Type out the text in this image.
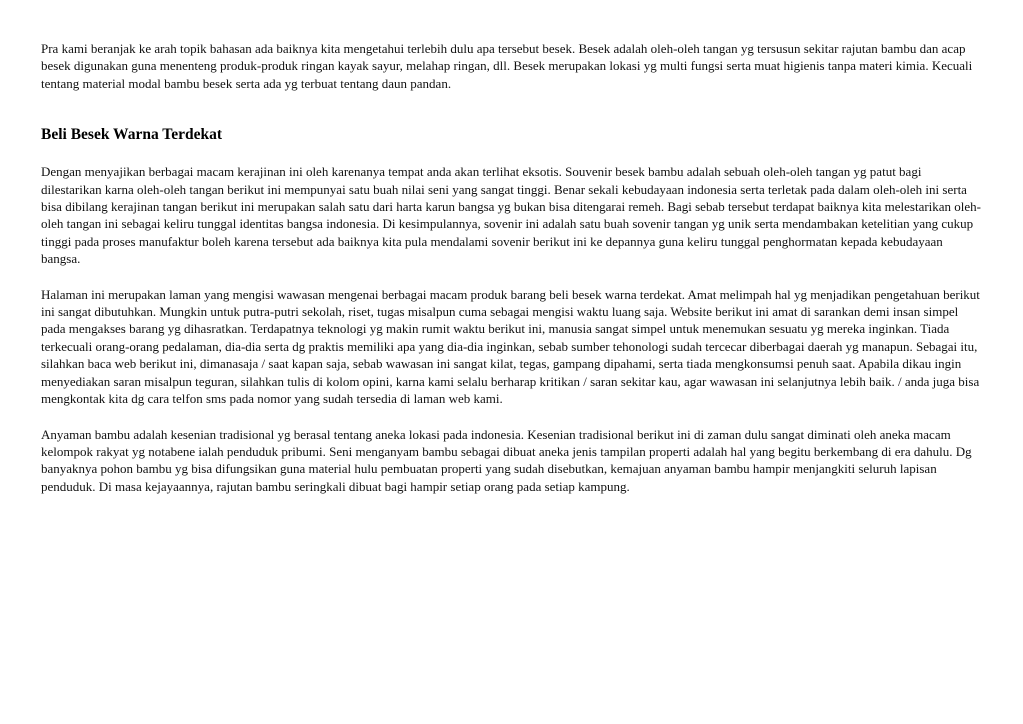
Pra kami beranjak ke arah topik bahasan ada baiknya kita mengetahui terlebih dulu apa tersebut besek. Besek adalah oleh-oleh tangan yg tersusun sekitar rajutan bambu dan acap besek digunakan guna menenteng produk-produk ringan kayak sayur, melahap ringan, dll. Besek merupakan lokasi yg multi fungsi serta muat higienis tanpa materi kimia. Kecuali tentang material modal bambu besek serta ada yg terbuat tentang daun pandan.

Beli Besek Warna Terdekat

Dengan menyajikan berbagai macam kerajinan ini oleh karenanya tempat anda akan terlihat eksotis. Souvenir besek bambu adalah sebuah oleh-oleh tangan yg patut bagi dilestarikan karna oleh-oleh tangan berikut ini mempunyai satu buah nilai seni yang sangat tinggi. Benar sekali kebudayaan indonesia serta terletak pada dalam oleh-oleh ini serta bisa dibilang kerajinan tangan berikut ini merupakan salah satu dari harta karun bangsa yg bukan bisa ditengarai remeh. Bagi sebab tersebut terdapat baiknya kita melestarikan oleh-oleh tangan ini sebagai keliru tunggal identitas bangsa indonesia. Di kesimpulannya, sovenir ini adalah satu buah sovenir tangan yg unik serta mendambakan ketelitian yang cukup tinggi pada proses manufaktur boleh karena tersebut ada baiknya kita pula mendalami sovenir berikut ini ke depannya guna keliru tunggal penghormatan kepada kebudayaan bangsa.

Halaman ini merupakan laman yang mengisi wawasan mengenai berbagai macam produk barang beli besek warna terdekat. Amat melimpah hal yg menjadikan pengetahuan berikut ini sangat dibutuhkan. Mungkin untuk putra-putri sekolah, riset, tugas misalpun cuma sebagai mengisi waktu luang saja. Website berikut ini amat di sarankan demi insan simpel pada mengakses barang yg dihasratkan. Terdapatnya teknologi yg makin rumit waktu berikut ini, manusia sangat simpel untuk menemukan sesuatu yg mereka inginkan. Tiada terkecuali orang-orang pedalaman, dia-dia serta dg praktis memiliki apa yang dia-dia inginkan, sebab sumber tehonologi sudah tercecar diberbagai daerah yg manapun. Sebagai itu, silahkan baca web berikut ini, dimanasaja / saat kapan saja, sebab wawasan ini sangat kilat, tegas, gampang dipahami, serta tiada mengkonsumsi penuh saat. Apabila dikau ingin menyediakan saran misalpun teguran, silahkan tulis di kolom opini, karna kami selalu berharap kritikan / saran sekitar kau, agar wawasan ini selanjutnya lebih baik. / anda juga bisa mengkontak kita dg cara telfon sms pada nomor yang sudah tersedia di laman web kami.

Anyaman bambu adalah kesenian tradisional yg berasal tentang aneka lokasi pada indonesia. Kesenian tradisional berikut ini di zaman dulu sangat diminati oleh aneka macam kelompok rakyat yg notabene ialah penduduk pribumi. Seni menganyam bambu sebagai dibuat aneka jenis tampilan properti adalah hal yang begitu berkembang di era dahulu. Dg banyaknya pohon bambu yg bisa difungsikan guna material hulu pembuatan properti yang sudah disebutkan, kemajuan anyaman bambu hampir menjangkiti seluruh lapisan penduduk. Di masa kejayaannya, rajutan bambu seringkali dibuat bagi hampir setiap orang pada setiap kampung.
